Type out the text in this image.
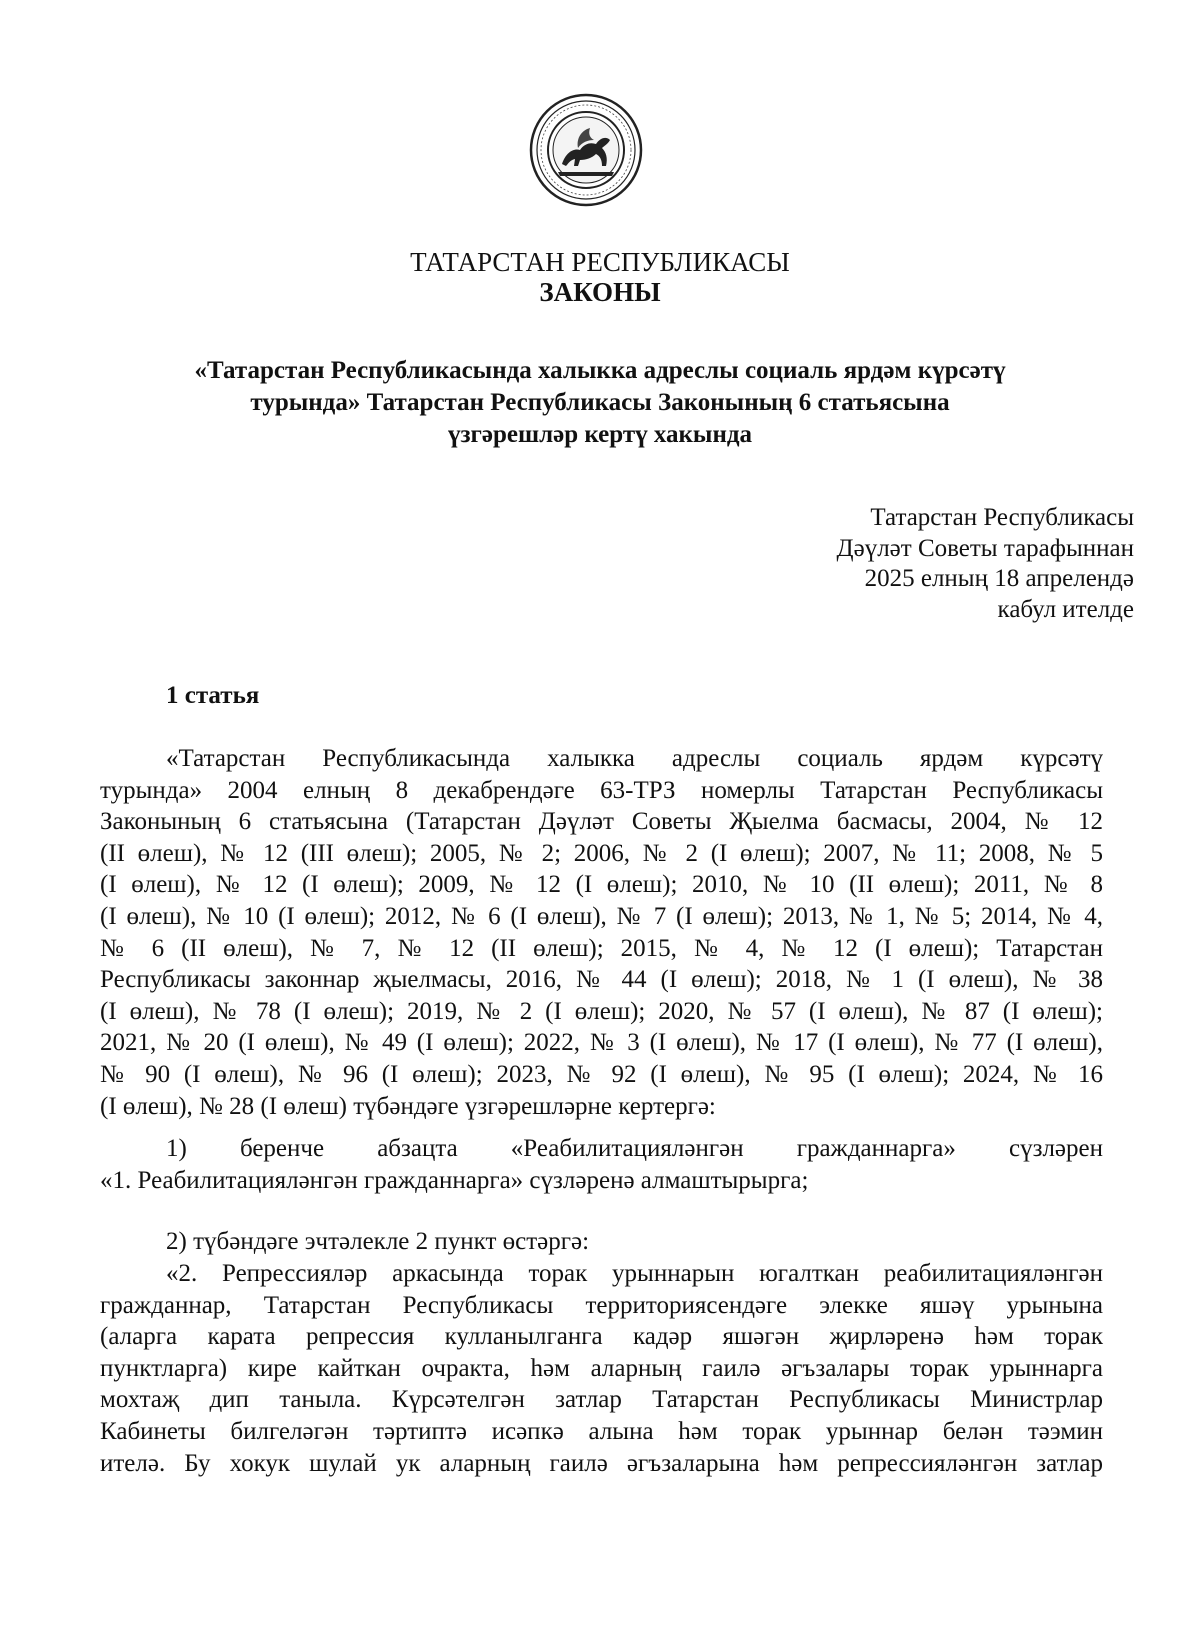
ТАТАРСТАН РЕСПУБЛИКАСЫ
ЗАКОНЫ
«Татарстан Республикасында халыкка адреслы социаль ярдәм күрсәтү
турында» Татарстан Республикасы Законының 6 статьясына
үзгәрешләр кертү хакында
Татарстан Республикасы
Дәүләт Советы тарафыннан
2025 елның 18 апрелендә
кабул ителде
1 статья
«Татарстан Республикасында халыкка адреслы социаль ярдәм күрсәтү
турында» 2004 елның 8 декабрендәге 63-ТРЗ номерлы Татарстан Республикасы
Законының 6 статьясына (Татарстан Дәүләт Советы Җыелма басмасы, 2004, № 12
(II өлеш), № 12 (III өлеш); 2005, № 2; 2006, № 2 (I өлеш); 2007, № 11; 2008, № 5
(I өлеш), № 12 (I өлеш); 2009, № 12 (I өлеш); 2010, № 10 (II өлеш); 2011, № 8
(I өлеш), № 10 (I өлеш); 2012, № 6 (I өлеш), № 7 (I өлеш); 2013, № 1, № 5; 2014, № 4,
№ 6 (II өлеш), № 7, № 12 (II өлеш); 2015, № 4, № 12 (I өлеш); Татарстан
Республикасы законнар җыелмасы, 2016, № 44 (I өлеш); 2018, № 1 (I өлеш), № 38
(I өлеш), № 78 (I өлеш); 2019, № 2 (I өлеш); 2020, № 57 (I өлеш), № 87 (I өлеш);
2021, № 20 (I өлеш), № 49 (I өлеш); 2022, № 3 (I өлеш), № 17 (I өлеш), № 77 (I өлеш),
№ 90 (I өлеш), № 96 (I өлеш); 2023, № 92 (I өлеш), № 95 (I өлеш); 2024, № 16
(I өлеш), № 28 (I өлеш) түбәндәге үзгәрешләрне кертергә:
1) беренче абзацта «Реабилитацияләнгән гражданнарга» сүзләрен
«1. Реабилитацияләнгән гражданнарга» сүзләренә алмаштырырга;
2) түбәндәге эчтәлекле 2 пункт өстәргә:
«2. Репрессияләр аркасында торак урыннарын югалткан реабилитацияләнгән
гражданнар, Татарстан Республикасы территориясендәге элекке яшәү урынына
(аларга карата репрессия кулланылганга кадәр яшәгән җирләренә һәм торак
пунктларга) кире кайткан очракта, һәм аларның гаилә әгъзалары торак урыннарга
мохтаҗ дип танылa. Күрсәтелгән затлар Татарстан Республикасы Министрлар
Кабинеты билгеләгән тәртиптә исәпкә алына һәм торак урыннар белән тәэмин
ителә. Бу хокук шулай ук аларның гаилә әгъзаларына һәм репрессияләнгән затлар
